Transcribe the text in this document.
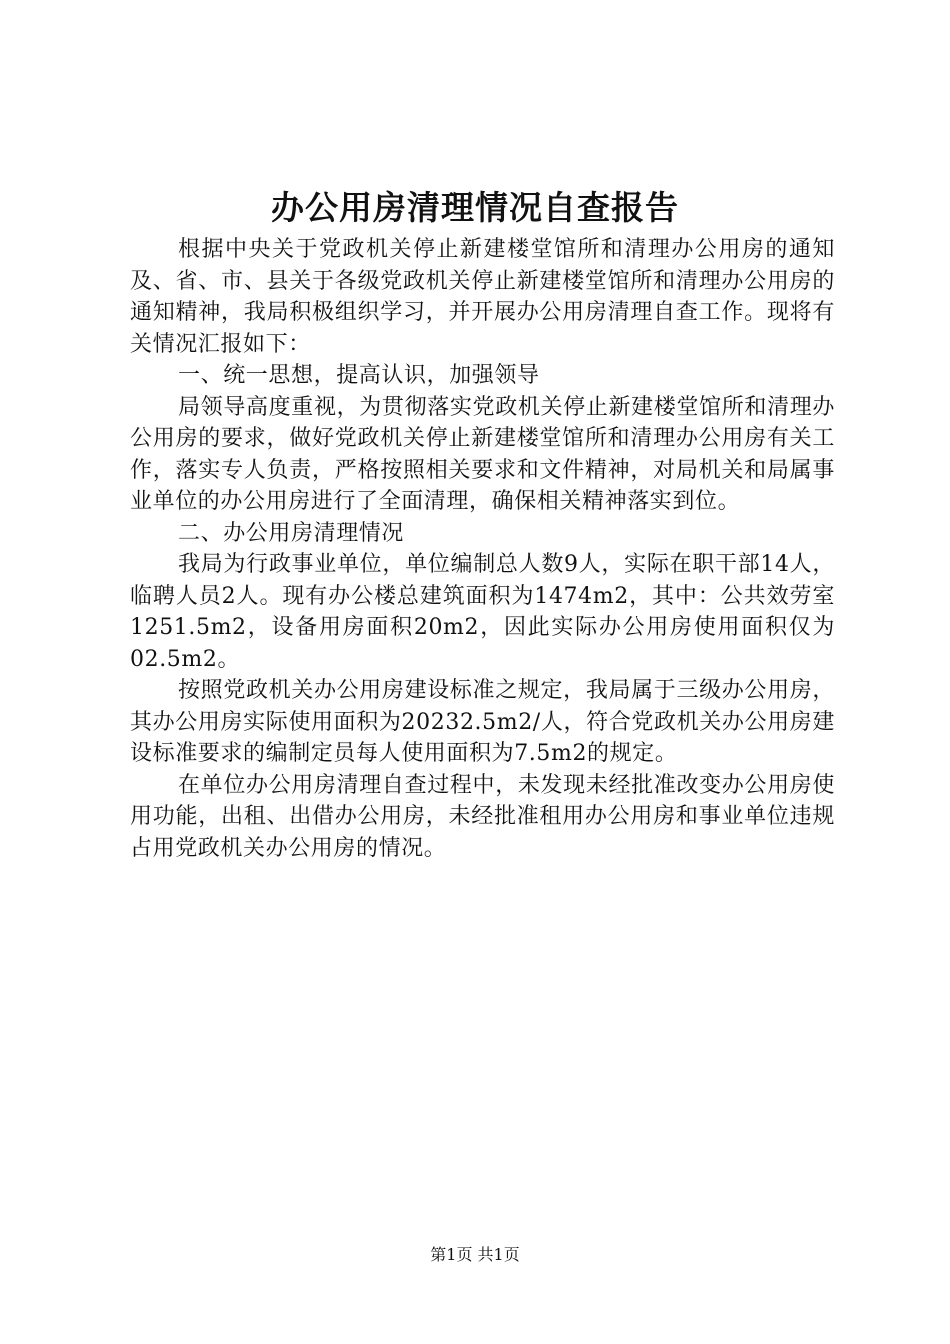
办公用房清理情况自查报告

根据中央关于党政机关停止新建楼堂馆所和清理办公用房的通知及、省、市、县关于各级党政机关停止新建楼堂馆所和清理办公用房的通知精神，我局积极组织学习，并开展办公用房清理自查工作。现将有关情况汇报如下：

一、统一思想，提高认识，加强领导

局领导高度重视，为贯彻落实党政机关停止新建楼堂馆所和清理办公用房的要求，做好党政机关停止新建楼堂馆所和清理办公用房有关工作，落实专人负责，严格按照相关要求和文件精神，对局机关和局属事业单位的办公用房进行了全面清理，确保相关精神落实到位。

二、办公用房清理情况

我局为行政事业单位，单位编制总人数9人，实际在职干部14人，临聘人员2人。现有办公楼总建筑面积为1474m2，其中：公共效劳室1251.5m2，设备用房面积20m2，因此实际办公用房使用面积仅为02.5m2。

按照党政机关办公用房建设标准之规定，我局属于三级办公用房，其办公用房实际使用面积为20232.5m2/人，符合党政机关办公用房建设标准要求的编制定员每人使用面积为7.5m2的规定。

在单位办公用房清理自查过程中，未发现未经批准改变办公用房使用功能，出租、出借办公用房，未经批准租用办公用房和事业单位违规占用党政机关办公用房的情况。

第1页 共1页
